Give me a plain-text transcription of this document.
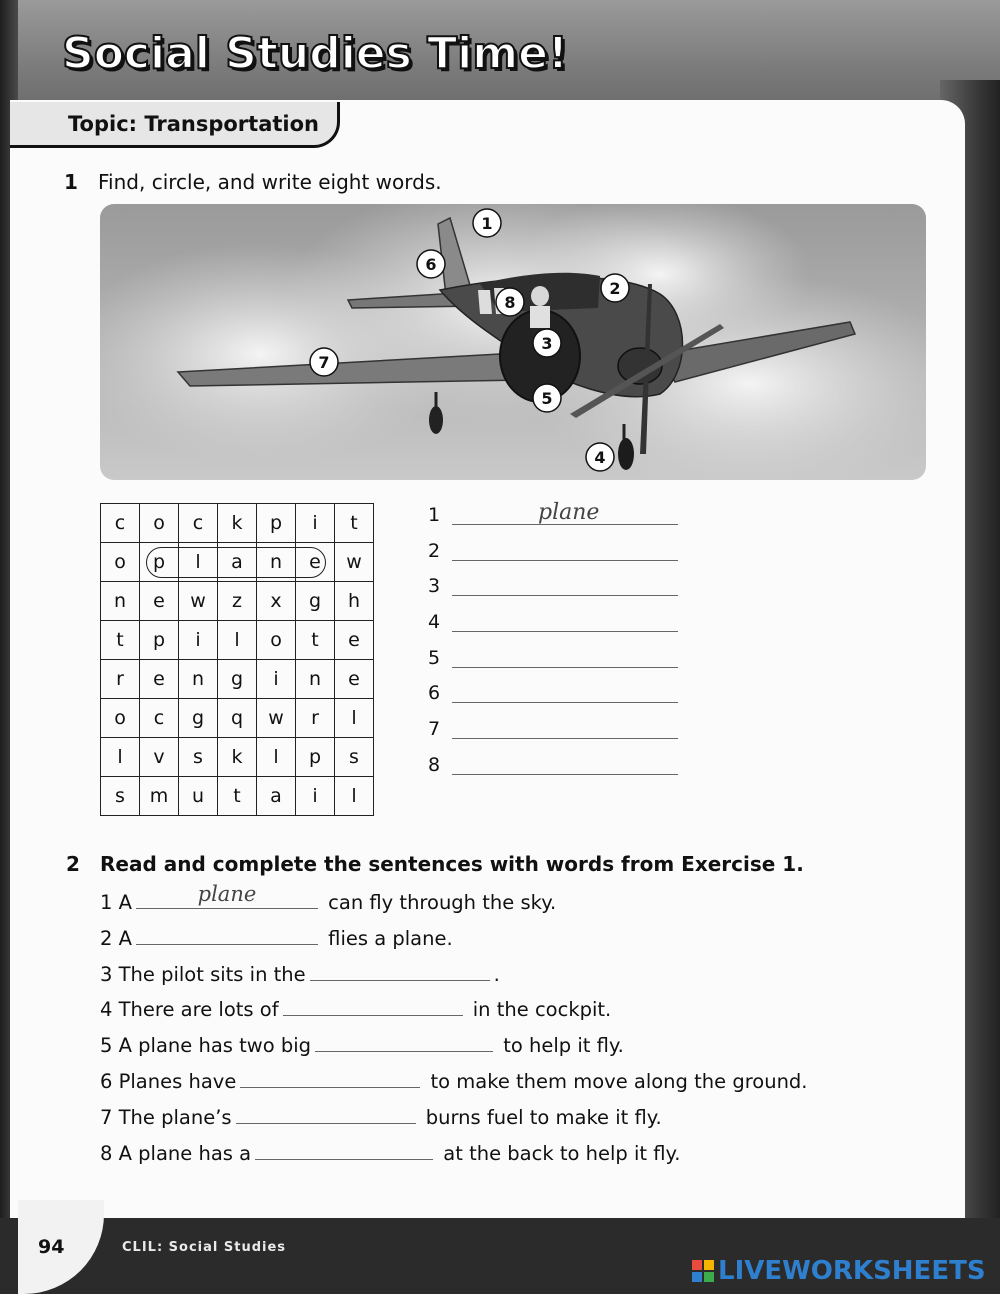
Social Studies Time!
Topic: Transportation
1 Find, circle, and write eight words.
1
2
3
4
5
6
7
8
c	o	c	k	p	i	t
o	p	l	a	n	e	w
n	e	w	z	x	g	h
t	p	i	l	o	t	e
r	e	n	g	i	n	e
o	c	g	q	w	r	l
l	v	s	k	l	p	s
s	m	u	t	a	i	l
1	plane
2
3
4
5
6
7
8
2 Read and complete the sentences with words from Exercise 1.
1 A	plane	can fly through the sky.
2 A	flies a plane.
3 The pilot sits in the	.
4 There are lots of	in the cockpit.
5 A plane has two big	to help it fly.
6 Planes have	to make them move along the ground.
7 The plane’s	burns fuel to make it fly.
8 A plane has a	at the back to help it fly.
94	CLIL: Social Studies
LIVEWORKSHEETS
